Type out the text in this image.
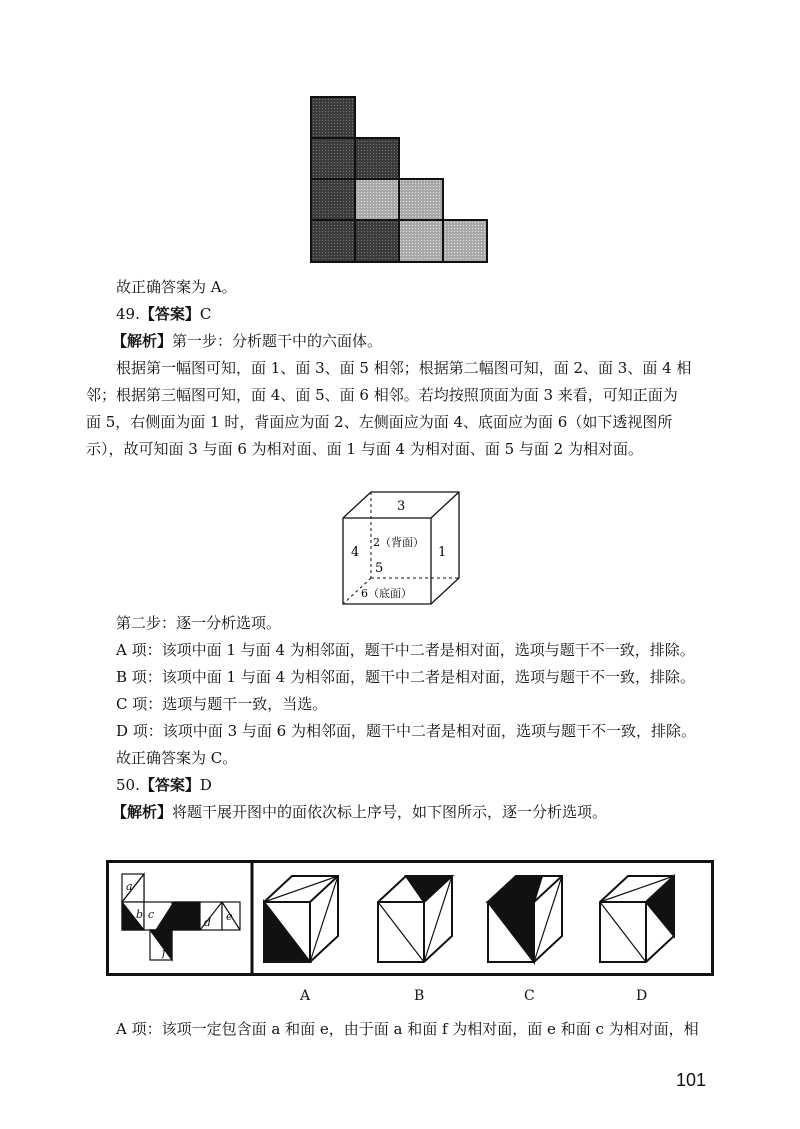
故正确答案为 A。
49.【答案】C
【解析】第一步：分析题干中的六面体。
根据第一幅图可知，面 1、面 3、面 5 相邻；根据第二幅图可知，面 2、面 3、面 4 相
邻；根据第三幅图可知，面 4、面 5、面 6 相邻。若均按照顶面为面 3 来看，可知正面为
面 5，右侧面为面 1 时，背面应为面 2、左侧面应为面 4、底面应为面 6（如下透视图所
示），故可知面 3 与面 6 为相对面、面 1 与面 4 为相对面、面 5 与面 2 为相对面。
3
4	1
2（背面）
5
6（底面）
第二步：逐一分析选项。
A 项：该项中面 1 与面 4 为相邻面，题干中二者是相对面，选项与题干不一致，排除。
B 项：该项中面 1 与面 4 为相邻面，题干中二者是相对面，选项与题干不一致，排除。
C 项：选项与题干一致，当选。
D 项：该项中面 3 与面 6 为相邻面，题干中二者是相对面，选项与题干不一致，排除。
故正确答案为 C。
50.【答案】D
【解析】将题干展开图中的面依次标上序号，如下图所示，逐一分析选项。
a
b c
d e
f
A	B	C	D
A 项：该项一定包含面 a 和面 e，由于面 a 和面 f 为相对面，面 e 和面 c 为相对面，相
101
